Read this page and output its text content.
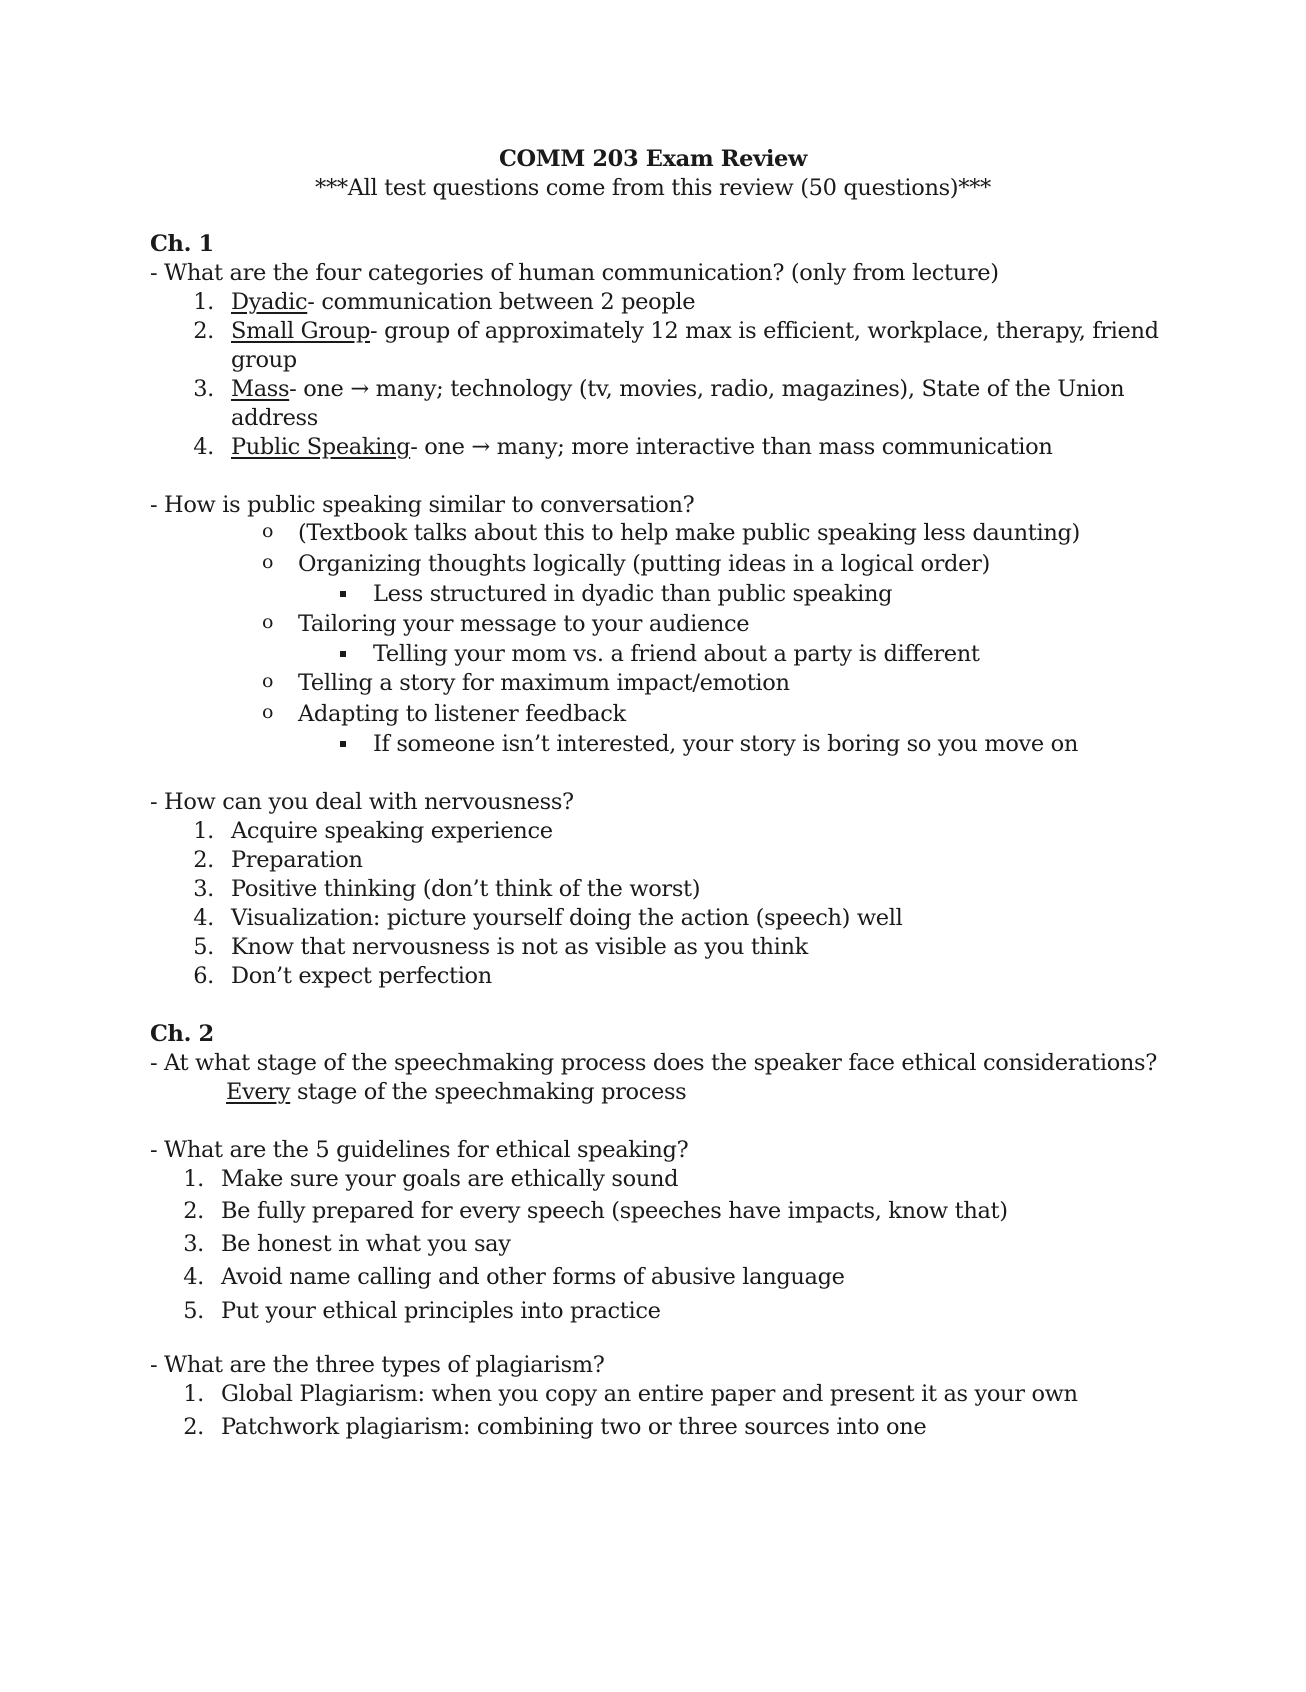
COMM 203 Exam Review
***All test questions come from this review (50 questions)***
Ch. 1
- What are the four categories of human communication? (only from lecture)
1. Dyadic- communication between 2 people
2. Small Group- group of approximately 12 max is efficient, workplace, therapy, friend
group
3. Mass- one → many; technology (tv, movies, radio, magazines), State of the Union
address
4. Public Speaking- one → many; more interactive than mass communication
- How is public speaking similar to conversation?
o (Textbook talks about this to help make public speaking less daunting)
o Organizing thoughts logically (putting ideas in a logical order)
Less structured in dyadic than public speaking
o Tailoring your message to your audience
Telling your mom vs. a friend about a party is different
o Telling a story for maximum impact/emotion
o Adapting to listener feedback
If someone isn’t interested, your story is boring so you move on
- How can you deal with nervousness?
1. Acquire speaking experience
2. Preparation
3. Positive thinking (don’t think of the worst)
4. Visualization: picture yourself doing the action (speech) well
5. Know that nervousness is not as visible as you think
6. Don’t expect perfection
Ch. 2
- At what stage of the speechmaking process does the speaker face ethical considerations?
Every stage of the speechmaking process
- What are the 5 guidelines for ethical speaking?
1. Make sure your goals are ethically sound
2. Be fully prepared for every speech (speeches have impacts, know that)
3. Be honest in what you say
4. Avoid name calling and other forms of abusive language
5. Put your ethical principles into practice
- What are the three types of plagiarism?
1. Global Plagiarism: when you copy an entire paper and present it as your own
2. Patchwork plagiarism: combining two or three sources into one
